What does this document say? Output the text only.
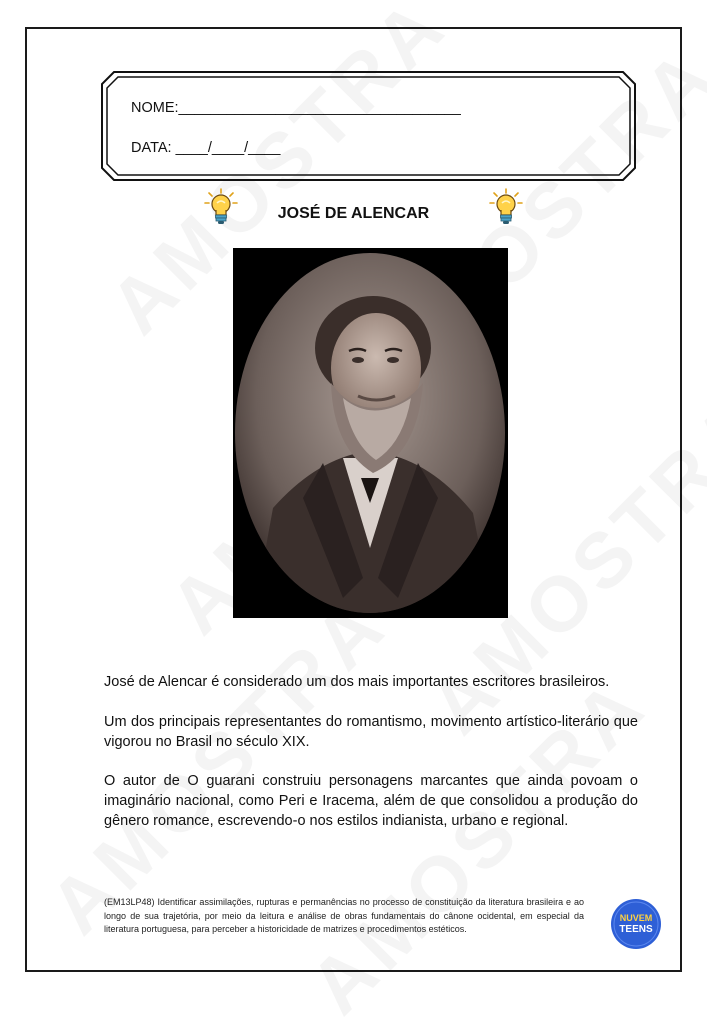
NOME:___________________________________
DATA: ____/____/____
JOSÉ DE ALENCAR

José de Alencar é considerado um dos mais importantes escritores brasileiros.

Um dos principais representantes do romantismo, movimento artístico-literário que vigorou no Brasil no século XIX.

O autor de O guarani construiu personagens marcantes que ainda povoam o imaginário nacional, como Peri e Iracema, além de que consolidou a produção do gênero romance, escrevendo-o nos estilos indianista, urbano e regional.

(EM13LP48) Identificar assimilações, rupturas e permanências no processo de constituição da literatura brasileira e ao longo de sua trajetória, por meio da leitura e análise de obras fundamentais do cânone ocidental, em especial da literatura portuguesa, para perceber a historicidade de matrizes e procedimentos estéticos.

NUVEM
TEENS
